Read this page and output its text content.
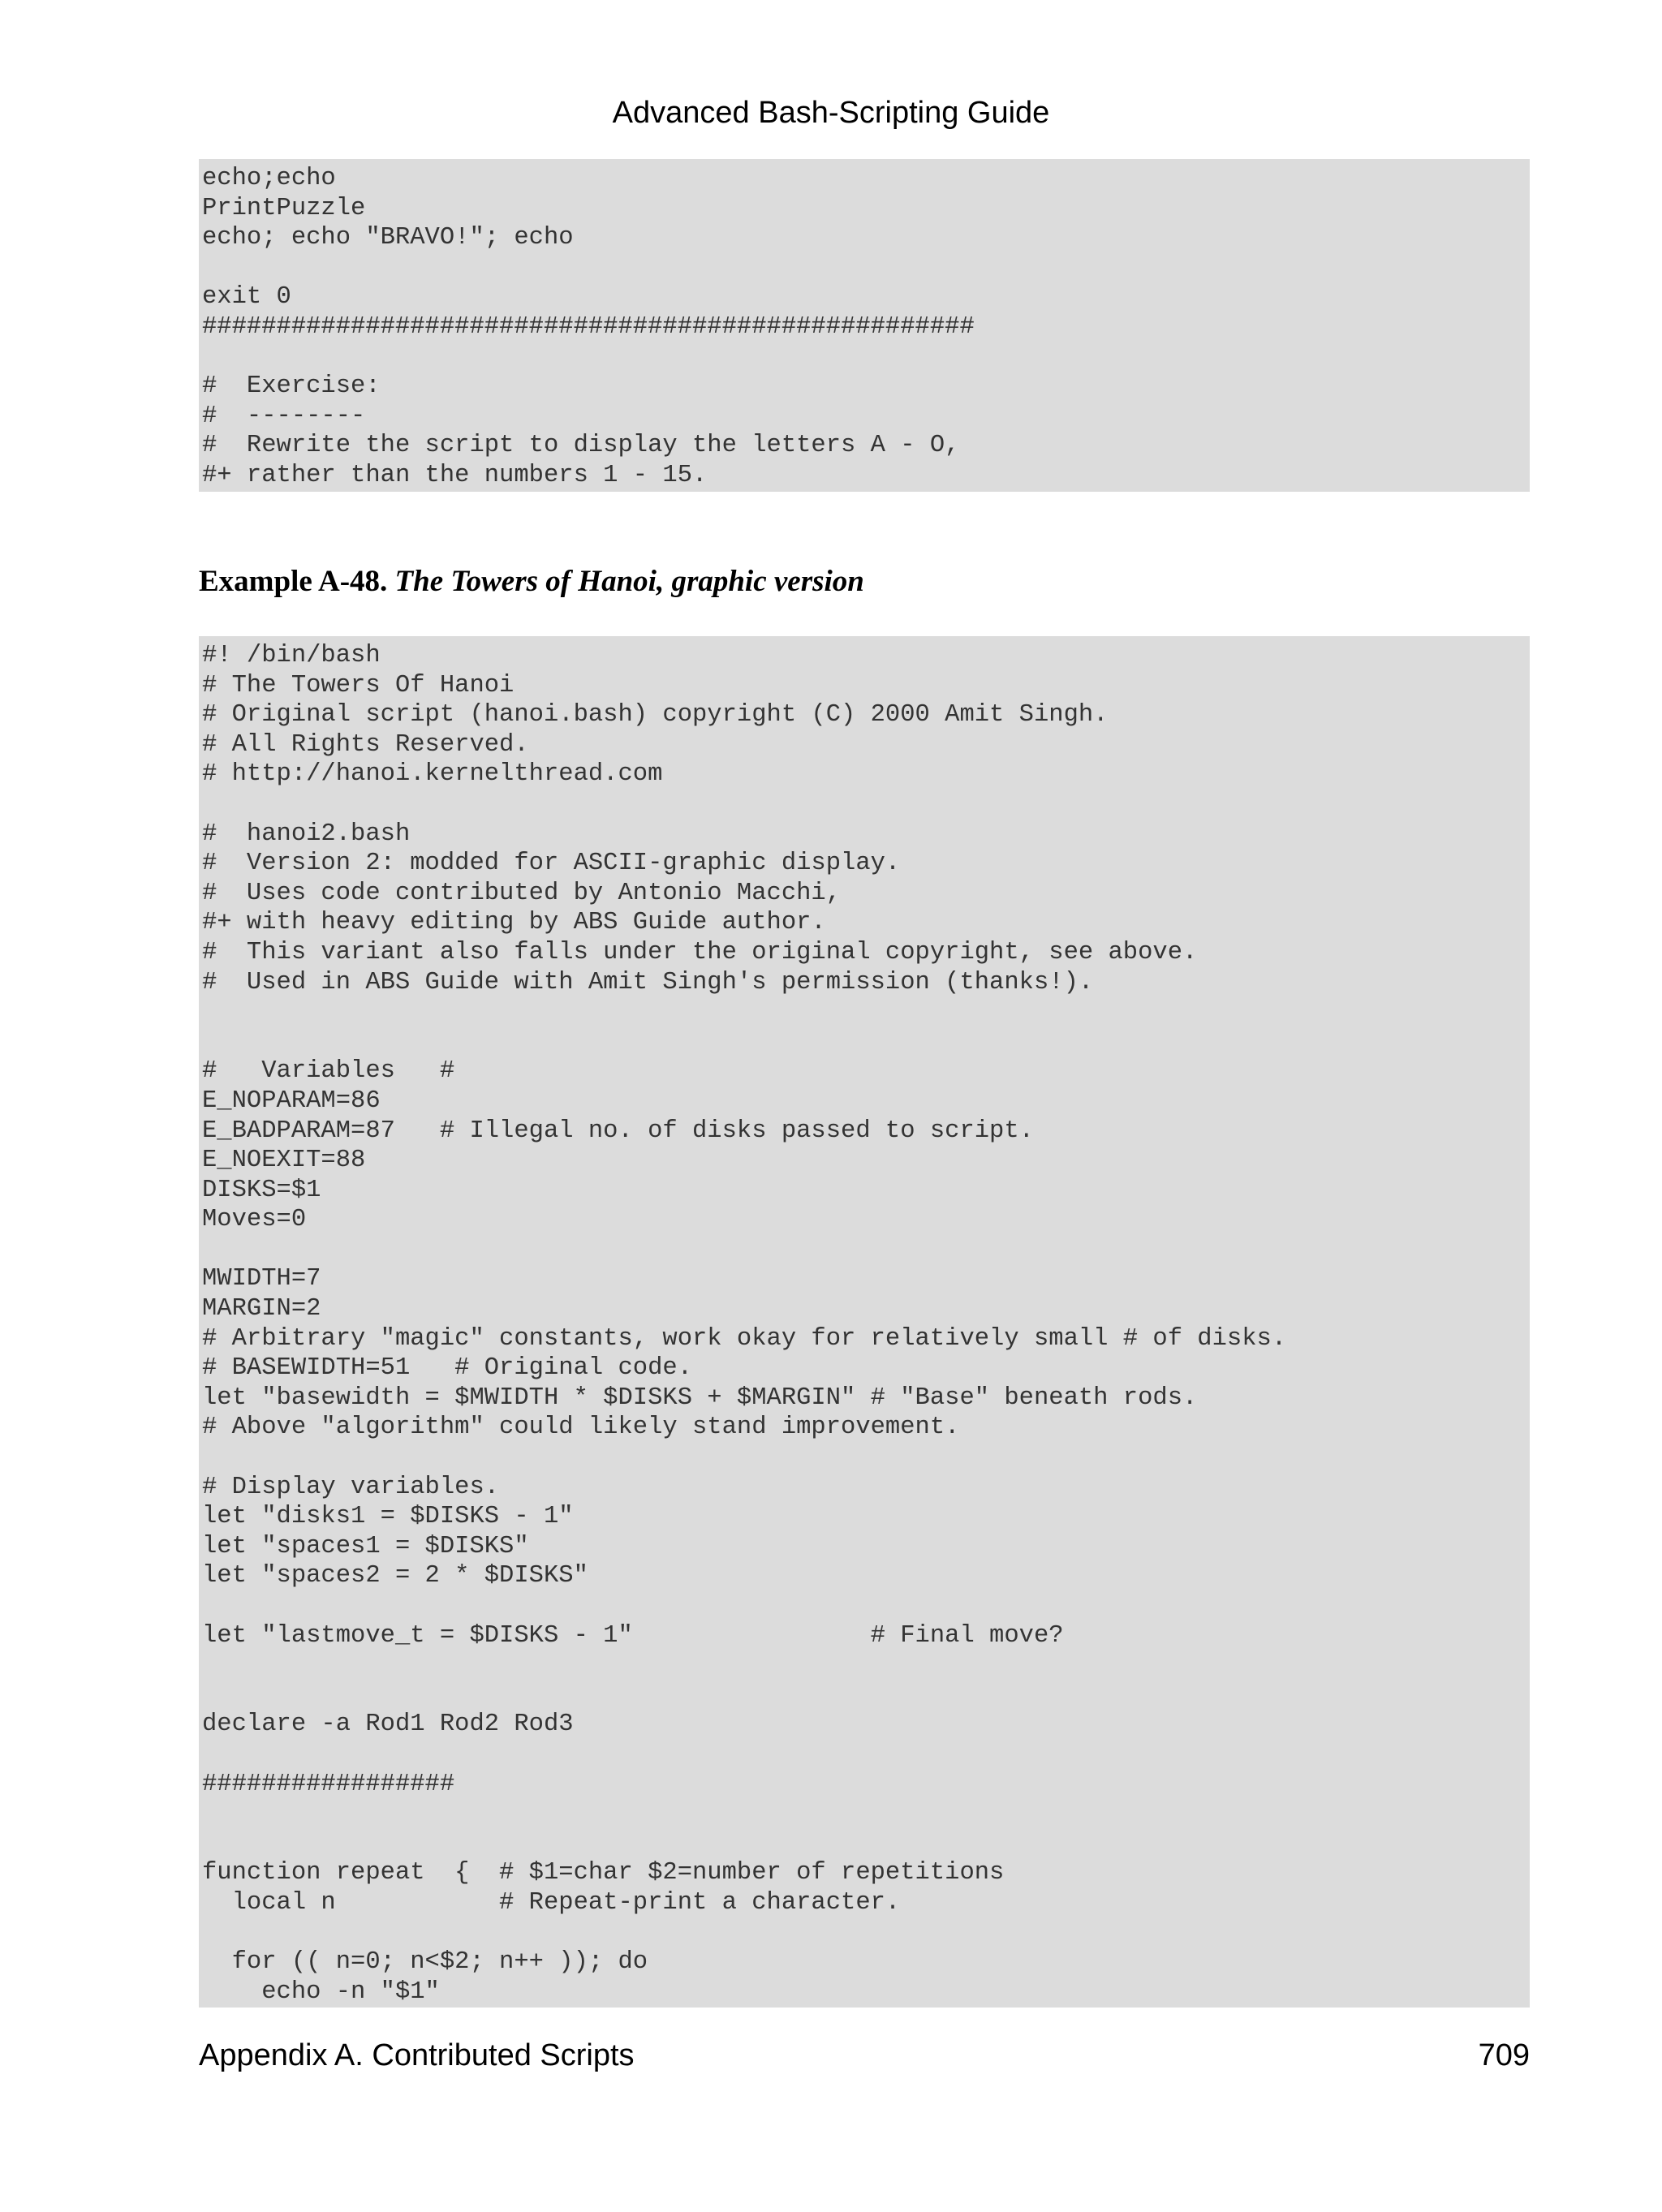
Advanced Bash-Scripting Guide
echo;echo
PrintPuzzle
echo; echo "BRAVO!"; echo
exit 0
####################################################
#  Exercise:
#  --------
#  Rewrite the script to display the letters A - O,
#+ rather than the numbers 1 - 15.
Example A-48. The Towers of Hanoi, graphic version
#! /bin/bash
# The Towers Of Hanoi
# Original script (hanoi.bash) copyright (C) 2000 Amit Singh.
# All Rights Reserved.
# http://hanoi.kernelthread.com
#  hanoi2.bash
#  Version 2: modded for ASCII-graphic display.
#  Uses code contributed by Antonio Macchi,
#+ with heavy editing by ABS Guide author.
#  This variant also falls under the original copyright, see above.
#  Used in ABS Guide with Amit Singh's permission (thanks!).
#   Variables   #
E_NOPARAM=86
E_BADPARAM=87   # Illegal no. of disks passed to script.
E_NOEXIT=88
DISKS=$1
Moves=0
MWIDTH=7
MARGIN=2
# Arbitrary "magic" constants, work okay for relatively small # of disks.
# BASEWIDTH=51   # Original code.
let "basewidth = $MWIDTH * $DISKS + $MARGIN" # "Base" beneath rods.
# Above "algorithm" could likely stand improvement.
# Display variables.
let "disks1 = $DISKS - 1"
let "spaces1 = $DISKS"
let "spaces2 = 2 * $DISKS"
let "lastmove_t = $DISKS - 1"                # Final move?
declare -a Rod1 Rod2 Rod3
#################
function repeat  {  # $1=char $2=number of repetitions
local n           # Repeat-print a character.
for (( n=0; n<$2; n++ )); do
echo -n "$1"
Appendix A. Contributed Scripts	709
